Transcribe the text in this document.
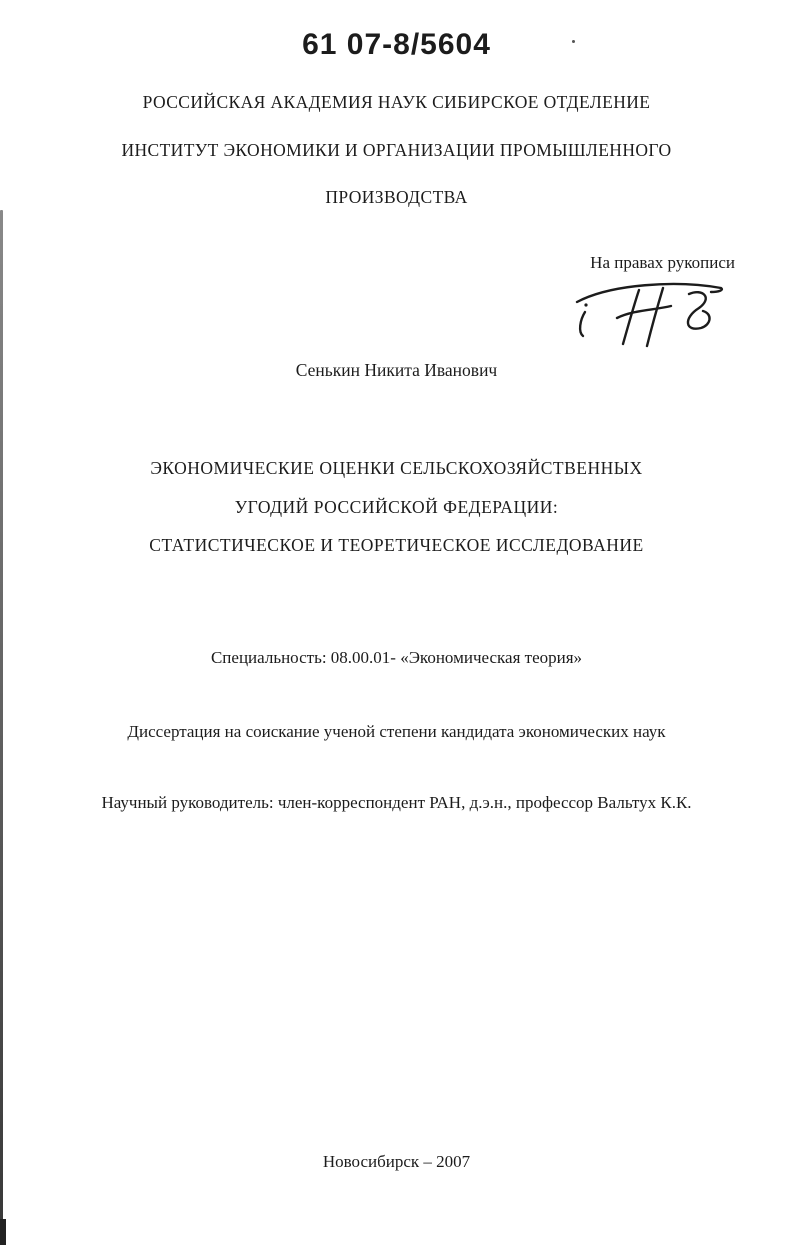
61 07-8/5604
РОССИЙСКАЯ АКАДЕМИЯ НАУК СИБИРСКОЕ ОТДЕЛЕНИЕ
ИНСТИТУТ ЭКОНОМИКИ И ОРГАНИЗАЦИИ ПРОМЫШЛЕННОГО
ПРОИЗВОДСТВА
На правах рукописи
Сенькин Никита Иванович
ЭКОНОМИЧЕСКИЕ ОЦЕНКИ СЕЛЬСКОХОЗЯЙСТВЕННЫХ
УГОДИЙ РОССИЙСКОЙ ФЕДЕРАЦИИ:
СТАТИСТИЧЕСКОЕ И ТЕОРЕТИЧЕСКОЕ ИССЛЕДОВАНИЕ
Специальность: 08.00.01- «Экономическая теория»
Диссертация на соискание ученой степени кандидата экономических наук
Научный руководитель: член-корреспондент РАН, д.э.н., профессор Вальтух К.К.
Новосибирск – 2007
